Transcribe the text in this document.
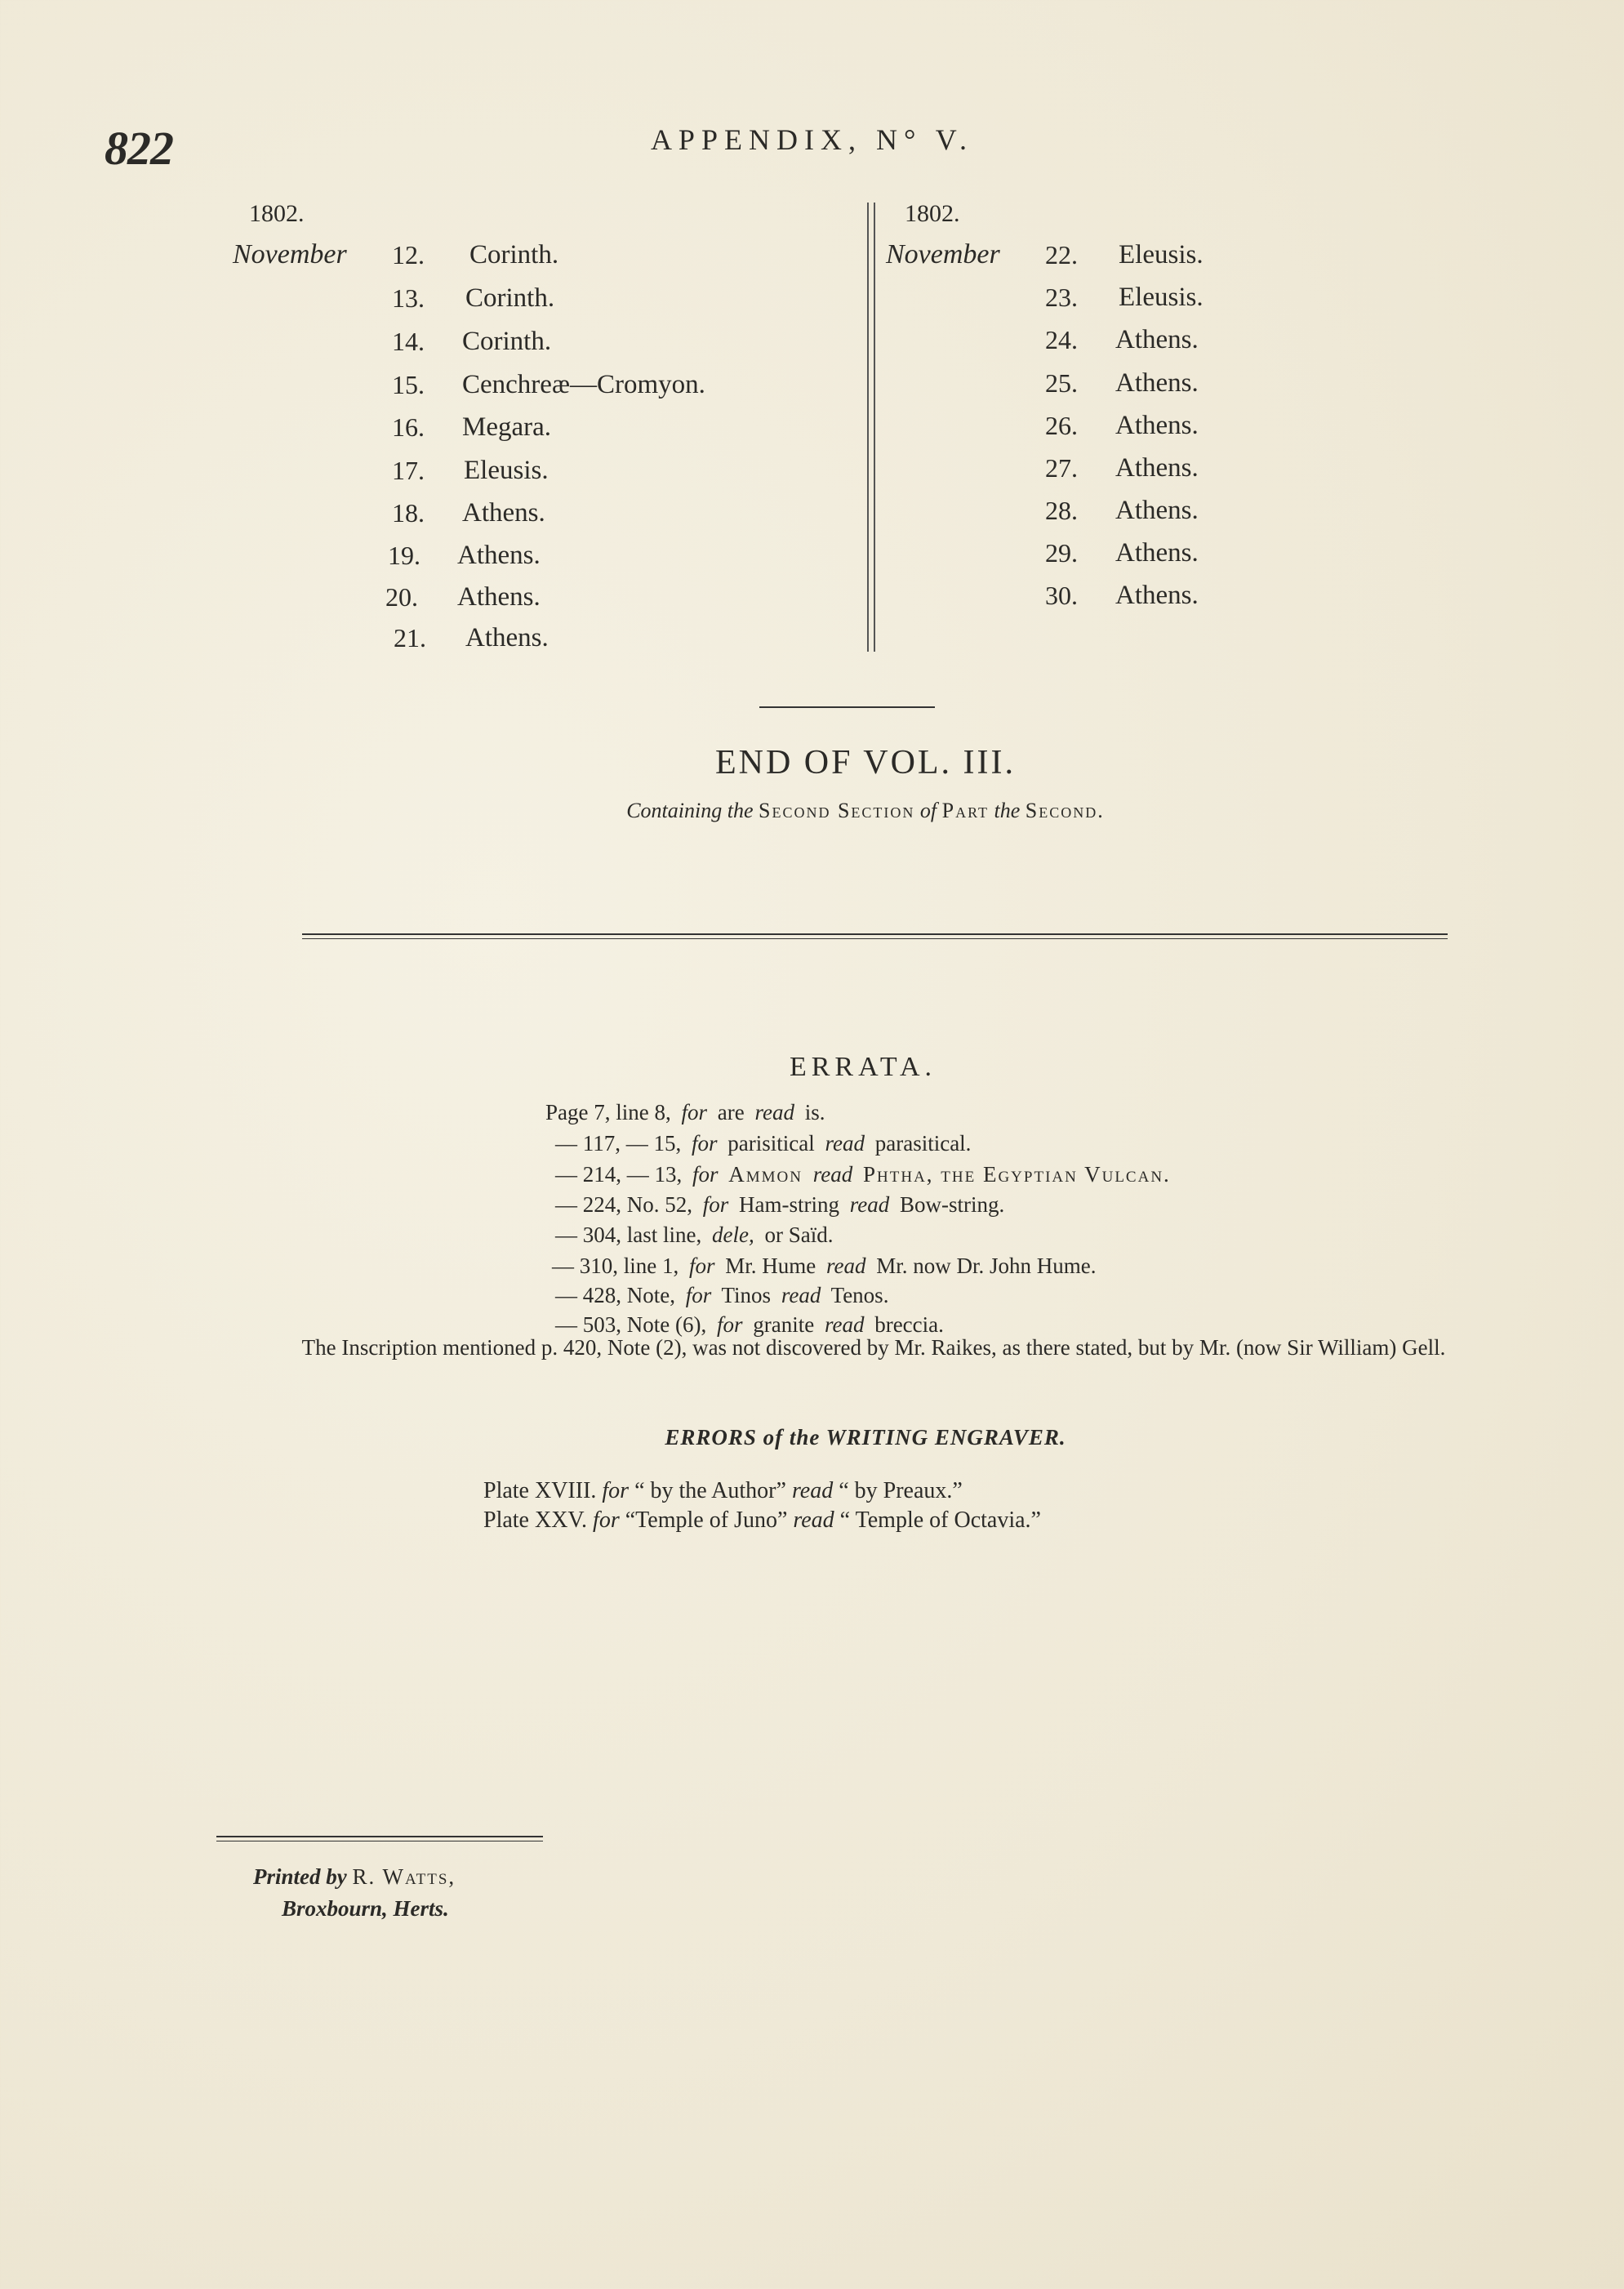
822	APPENDIX, N° V.
1802.
November	12. Corinth.
13. Corinth.
14. Corinth.
15. Cenchreæ—Cromyon.
16. Megara.
17. Eleusis.
18. Athens.
19. Athens.
20. Athens.
21. Athens.
1802.
November	22. Eleusis.
23. Eleusis.
24. Athens.
25. Athens.
26. Athens.
27. Athens.
28. Athens.
29. Athens.
30. Athens.
END OF VOL. III.
Containing the Second Section of Part the Second.
ERRATA.
Page 7, line 8, for are read is.
— 117, — 15, for parisitical read parasitical.
— 214, — 13, for Ammon read Phtha, the Egyptian Vulcan.
— 224, No. 52, for Ham-string read Bow-string.
— 304, last line, dele, or Saïd.
— 310, line 1, for Mr. Hume read Mr. now Dr. John Hume.
— 428, Note, for Tinos read Tenos.
— 503, Note (6), for granite read breccia.
The Inscription mentioned p. 420, Note (2), was not discovered by Mr. Raikes, as there stated, but by Mr. (now Sir William) Gell.
ERRORS of the WRITING ENGRAVER.
Plate XVIII. for “ by the Author” read “ by Preaux.”
Plate XXV. for “Temple of Juno” read “ Temple of Octavia.”
Printed by R. Watts,
Broxbourn, Herts.
